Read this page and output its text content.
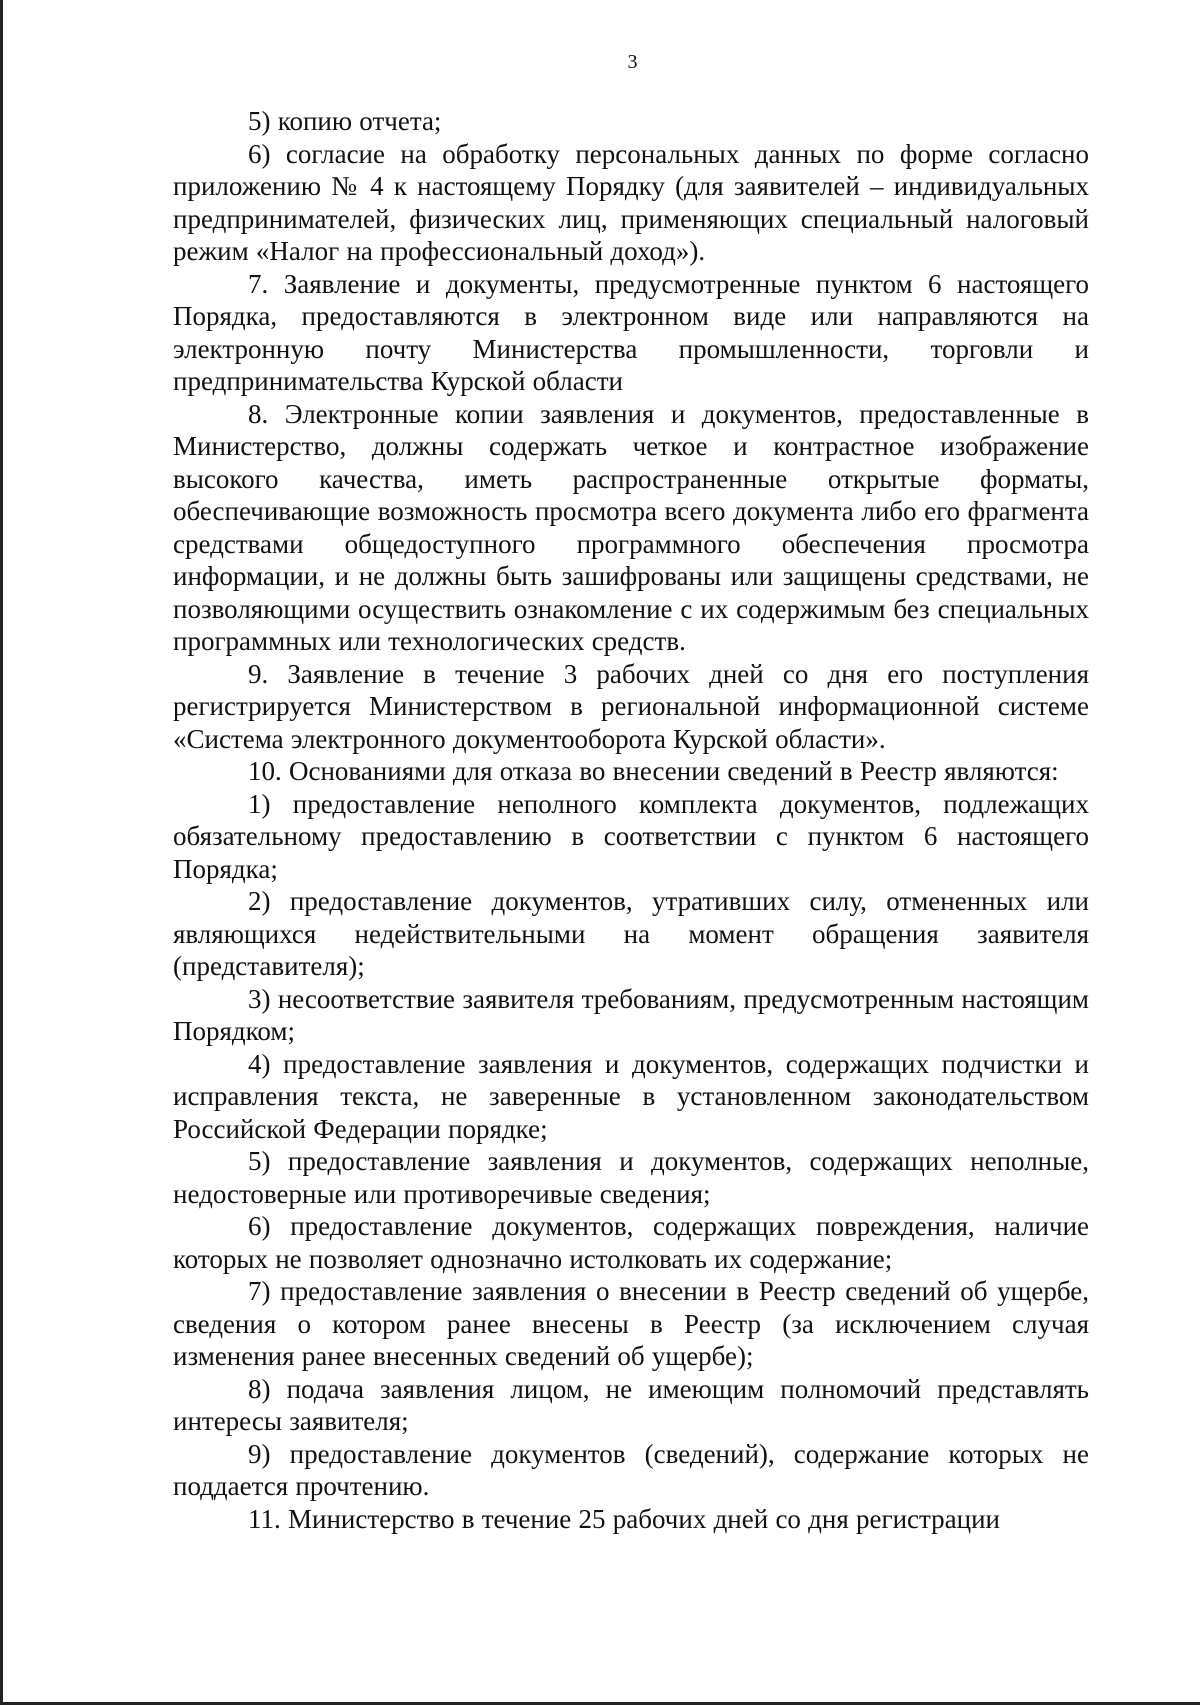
3

5) копию отчета;

6) согласие на обработку персональных данных по форме согласно приложению № 4 к настоящему Порядку (для заявителей – индивидуальных предпринимателей, физических лиц, применяющих специальный налоговый режим «Налог на профессиональный доход»).

7. Заявление и документы, предусмотренные пунктом 6 настоящего Порядка, предоставляются в электронном виде или направляются на электронную почту Министерства промышленности, торговли и предпринимательства Курской области

8. Электронные копии заявления и документов, предоставленные в Министерство, должны содержать четкое и контрастное изображение высокого качества, иметь распространенные открытые форматы, обеспечивающие возможность просмотра всего документа либо его фрагмента средствами общедоступного программного обеспечения просмотра информации, и не должны быть зашифрованы или защищены средствами, не позволяющими осуществить ознакомление с их содержимым без специальных программных или технологических средств.

9. Заявление в течение 3 рабочих дней со дня его поступления регистрируется Министерством в региональной информационной системе «Система электронного документооборота Курской области».

10. Основаниями для отказа во внесении сведений в Реестр являются:

1) предоставление неполного комплекта документов, подлежащих обязательному предоставлению в соответствии с пунктом 6 настоящего Порядка;

2) предоставление документов, утративших силу, отмененных или являющихся недействительными на момент обращения заявителя (представителя);

3) несоответствие заявителя требованиям, предусмотренным настоящим Порядком;

4) предоставление заявления и документов, содержащих подчистки и исправления текста, не заверенные в установленном законодательством Российской Федерации порядке;

5) предоставление заявления и документов, содержащих неполные, недостоверные или противоречивые сведения;

6) предоставление документов, содержащих повреждения, наличие которых не позволяет однозначно истолковать их содержание;

7) предоставление заявления о внесении в Реестр сведений об ущербе, сведения о котором ранее внесены в Реестр (за исключением случая изменения ранее внесенных сведений об ущербе);

8) подача заявления лицом, не имеющим полномочий представлять интересы заявителя;

9) предоставление документов (сведений), содержание которых не поддается прочтению.

11. Министерство в течение 25 рабочих дней со дня регистрации
